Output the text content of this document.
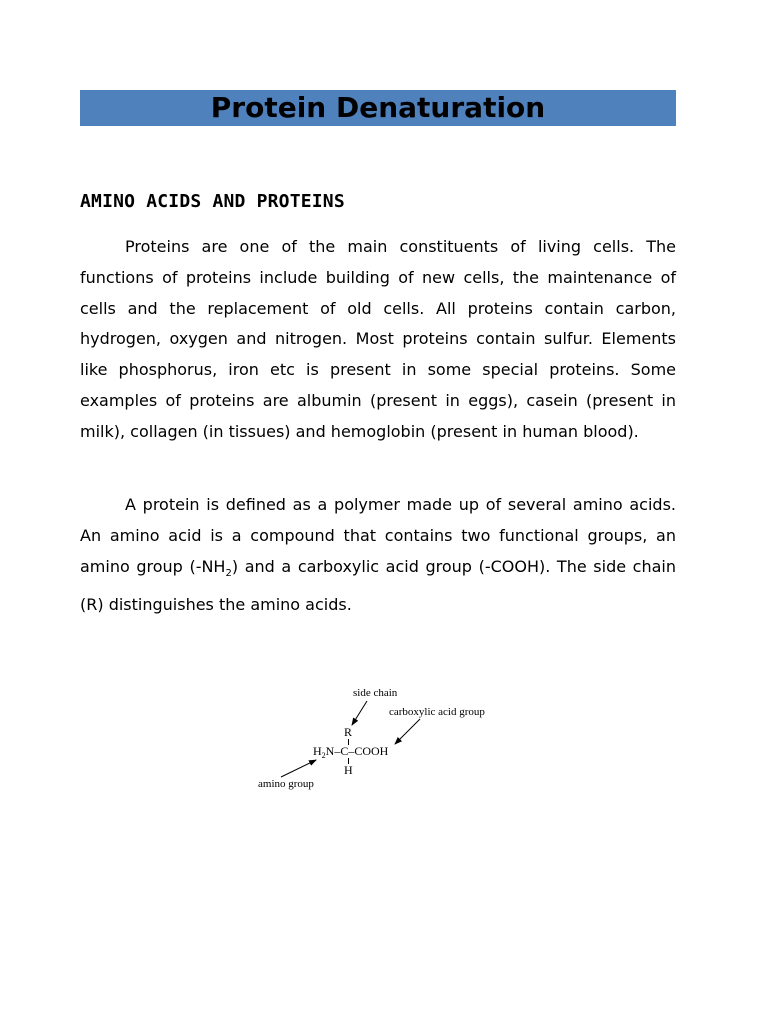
Protein Denaturation
AMINO ACIDS AND PROTEINS

Proteins are one of the main constituents of living cells. The functions of proteins include building of new cells, the maintenance of cells and the replacement of old cells. All proteins contain carbon, hydrogen, oxygen and nitrogen. Most proteins contain sulfur. Elements like phosphorus, iron etc is present in some special proteins. Some examples of proteins are albumin (present in eggs), casein (present in milk), collagen (in tissues) and hemoglobin (present in human blood).

A protein is defined as a polymer made up of several amino acids. An amino acid is a compound that contains two functional groups, an amino group $(-NH_2)$ and a carboxylic acid group (-COOH). The side chain (R) distinguishes the amino acids.

side chain
carboxylic acid group
amino group
R
$H_2N-C$–COOH
H
